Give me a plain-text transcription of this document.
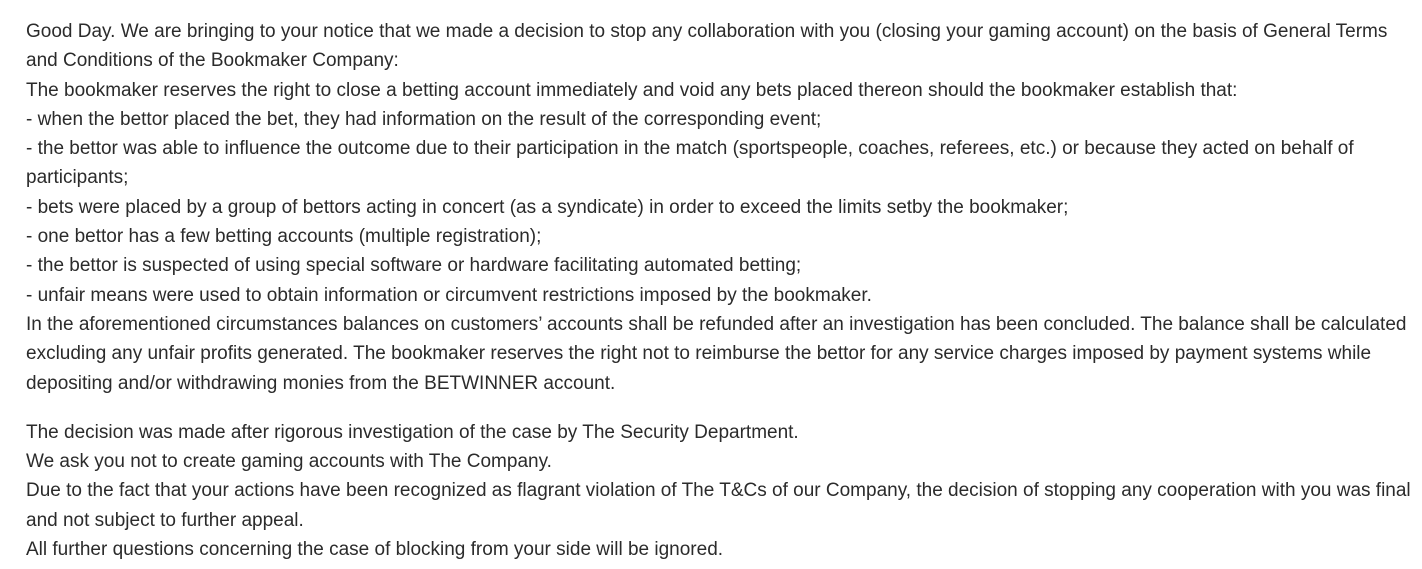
Good Day. We are bringing to your notice that we made a decision to stop any collaboration with you (closing your gaming account) on the basis of General Terms and Conditions of the Bookmaker Company:
The bookmaker reserves the right to close a betting account immediately and void any bets placed thereon should the bookmaker establish that:
- when the bettor placed the bet, they had information on the result of the corresponding event;
- the bettor was able to influence the outcome due to their participation in the match (sportspeople, coaches, referees, etc.) or because they acted on behalf of participants;
- bets were placed by a group of bettors acting in concert (as a syndicate) in order to exceed the limits setby the bookmaker;
- one bettor has a few betting accounts (multiple registration);
- the bettor is suspected of using special software or hardware facilitating automated betting;
- unfair means were used to obtain information or circumvent restrictions imposed by the bookmaker.
In the aforementioned circumstances balances on customers’ accounts shall be refunded after an investigation has been concluded. The balance shall be calculated excluding any unfair profits generated. The bookmaker reserves the right not to reimburse the bettor for any service charges imposed by payment systems while depositing and/or withdrawing monies from the BETWINNER account.
The decision was made after rigorous investigation of the case by The Security Department.
We ask you not to create gaming accounts with The Company.
Due to the fact that your actions have been recognized as flagrant violation of The T&Cs of our Company, the decision of stopping any cooperation with you was final and not subject to further appeal.
All further questions concerning the case of blocking from your side will be ignored.
